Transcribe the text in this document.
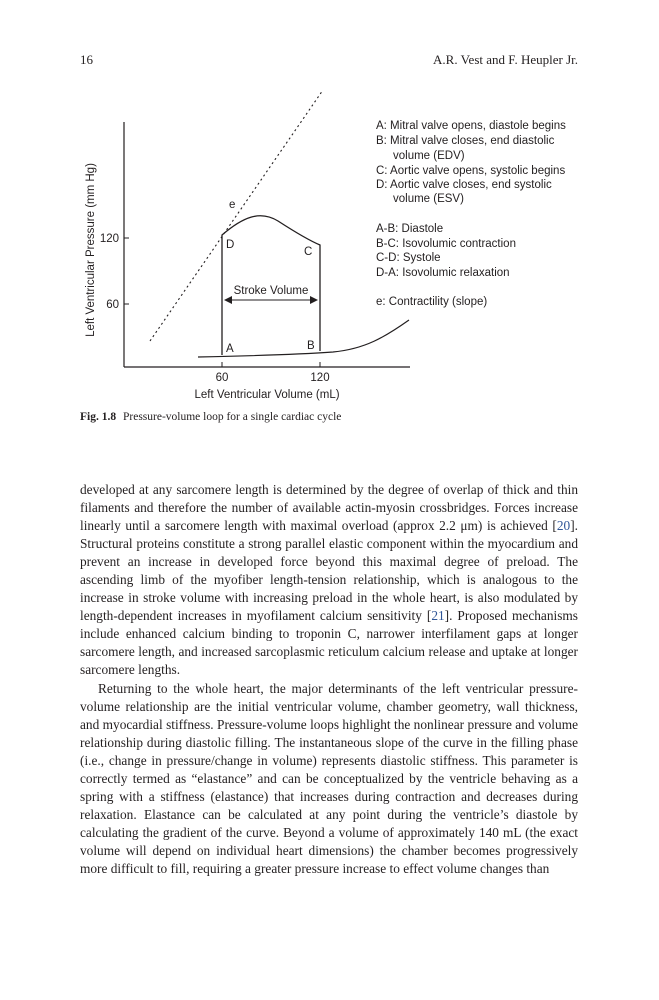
16	A.R. Vest and F. Heupler Jr.
120
60
60	120
Left Ventricular Volume (mL)
Left Ventricular Pressure (mm Hg)
A	B
C
D
e
Stroke Volume
A: Mitral valve opens, diastole begins
B: Mitral valve closes, end diastolic
volume (EDV)
C: Aortic valve opens, systolic begins
D: Aortic valve closes, end systolic
volume (ESV)
A-B: Diastole
B-C: Isovolumic contraction
C-D: Systole
D-A: Isovolumic relaxation
e: Contractility (slope)
Fig. 1.8 Pressure-volume loop for a single cardiac cycle

developed at any sarcomere length is determined by the degree of overlap of thick and thin filaments and therefore the number of available actin-myosin crossbridges. Forces increase linearly until a sarcomere length with maximal overload (approx 2.2 μm) is achieved [20]. Structural proteins constitute a strong parallel elastic component within the myocardium and prevent an increase in developed force beyond this maximal degree of preload. The ascending limb of the myofiber length-tension relationship, which is analogous to the increase in stroke volume with increasing preload in the whole heart, is also modulated by length-dependent increases in myofilament calcium sensitivity [21]. Proposed mechanisms include enhanced calcium binding to troponin C, narrower interfilament gaps at longer sarcomere length, and increased sarcoplasmic reticulum calcium release and uptake at longer sarcomere lengths.

Returning to the whole heart, the major determinants of the left ventricular pressure-volume relationship are the initial ventricular volume, chamber geometry, wall thickness, and myocardial stiffness. Pressure-volume loops highlight the nonlinear pressure and volume relationship during diastolic filling. The instantaneous slope of the curve in the filling phase (i.e., change in pressure/change in volume) represents diastolic stiffness. This parameter is correctly termed as “elastance” and can be conceptualized by the ventricle behaving as a spring with a stiffness (elastance) that increases during contraction and decreases during relaxation. Elastance can be calculated at any point during the ventricle’s diastole by calculating the gradient of the curve. Beyond a volume of approximately 140 mL (the exact volume will depend on individual heart dimensions) the chamber becomes progressively more difficult to fill, requiring a greater pressure increase to effect volume changes than
